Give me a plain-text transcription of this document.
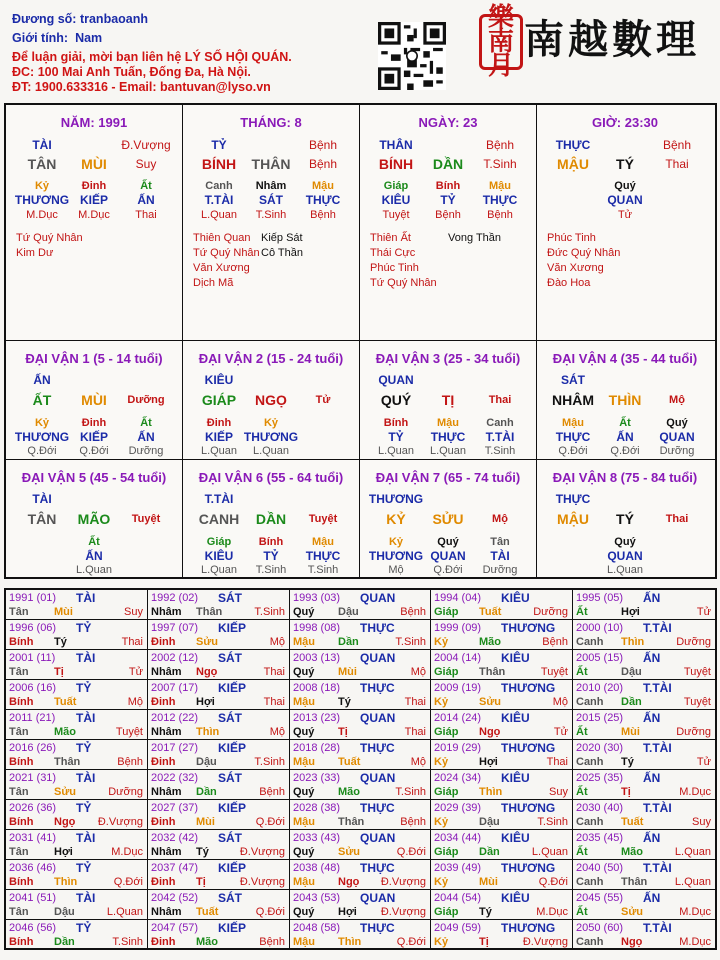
Đương số: tranbaoanh
Giới tính: Nam
Để luận giải, mời bạn liên hệ LÝ SỐ HỘI QUÁN.
ĐC: 100 Mai Anh Tuấn, Đống Đa, Hà Nội.
ĐT: 1900.633316 - Email: bantuvan@lyso.vn
樂 南 月
南越數理
NĂM: 1991
TÀI	Đ.Vượng
TÂN MÙI Suy
Kỷ	Đinh	Ất
THƯƠNG KIẾP ẤN
M.Dục M.Dục Thai
Tứ Quý Nhân
Kim Dư
THÁNG: 8
TỶ	Bệnh
BÍNH THÂN Bệnh
Canh Nhâm Mậu
T.TÀI SÁT THỰC
L.Quan T.Sinh Bệnh
Thiên Quan
Tứ Quý Nhân
Văn Xương
Dịch Mã
Kiếp Sát
Cô Thần
NGÀY: 23
THÂN	Bệnh
BÍNH DẦN T.Sinh
Giáp	Bính	Mậu
KIÊU TỶ THỰC
Tuyệt Bệnh Bệnh
Thiên Ất
Thái Cực
Phúc Tinh
Tứ Quý Nhân
Vong Thần
GIỜ: 23:30
THỰC	Bệnh
MẬU TÝ	Thai
Quý
QUAN
Tử
Phúc Tinh
Đức Quý Nhân
Văn Xương
Đào Hoa
ĐẠI VẬN 1 (5 - 14 tuổi)
ẤN
ẤT MÙI Dưỡng
Kỷ	Đinh	Ất
THƯƠNG KIẾP ẤN
Q.Đới Q.Đới Dưỡng
ĐẠI VẬN 2 (15 - 24 tuổi)
KIÊU
GIÁP NGỌ	Tử
Đinh	Kỷ
KIẾP THƯƠNG
L.Quan L.Quan
ĐẠI VẬN 3 (25 - 34 tuổi)
QUAN
QUÝ TỊ	Thai
Bính	Mậu Canh
TỶ THỰC T.TÀI
L.Quan L.Quan T.Sinh
ĐẠI VẬN 4 (35 - 44 tuổi)
SÁT
NHÂM THÌN	Mộ
Mậu	Ất	Quý
THỰC ẤN QUAN
Q.Đới Q.Đới Dưỡng
ĐẠI VẬN 5 (45 - 54 tuổi)
TÀI
TÂN MÃO Tuyệt
Ất
ẤN
L.Quan
ĐẠI VẬN 6 (55 - 64 tuổi)
T.TÀI
CANH DẦN Tuyệt
Giáp	Bính	Mậu
KIÊU TỶ THỰC
L.Quan T.Sinh T.Sinh
ĐẠI VẬN 7 (65 - 74 tuổi)
THƯƠNG
KỶ SỬU	Mộ
Kỷ	Quý	Tân
THƯƠNG QUAN TÀI
Mộ	Q.Đới Dưỡng
ĐẠI VẬN 8 (75 - 84 tuổi)
THỰC
MẬU TÝ	Thai
Quý
QUAN
L.Quan
1991 (01) TÀI
Tân Mùi	Suy
1992 (02) SÁT
Nhâm Thân	T.Sinh
1993 (03) QUAN
Quý Dậu	Bệnh
1994 (04) KIÊU
Giáp Tuất	Dưỡng
1995 (05) ẤN
Ất	Hợi	Tử
1996 (06) TỶ
Bính Tý	Thai
1997 (07) KIẾP
Đinh Sửu	Mộ
1998 (08) THỰC
Mậu Dần	T.Sinh
1999 (09) THƯƠNG
Kỷ	Mão	Bệnh
2000 (10) T.TÀI
Canh Thìn	Dưỡng
2001 (11) TÀI
Tân Tị	Tử
2002 (12) SÁT
Nhâm Ngọ	Thai
2003 (13) QUAN
Quý Mùi	Mộ
2004 (14) KIÊU
Giáp Thân	Tuyệt
2005 (15) ẤN
Ất	Dậu	Tuyệt
2006 (16) TỶ
Bính Tuất	Mộ
2007 (17) KIẾP
Đinh Hợi	Thai
2008 (18) THỰC
Mậu Tý	Thai
2009 (19) THƯƠNG
Kỷ	Sửu	Mộ
2010 (20) T.TÀI
Canh Dần	Tuyệt
2011 (21) TÀI
Tân Mão	Tuyệt
2012 (22) SÁT
Nhâm Thìn	Mộ
2013 (23) QUAN
Quý Tị	Thai
2014 (24) KIÊU
Giáp Ngọ	Tử
2015 (25) ẤN
Ất	Mùi	Dưỡng
2016 (26) TỶ
Bính Thân	Bệnh
2017 (27) KIẾP
Đinh Dậu	T.Sinh
2018 (28) THỰC
Mậu Tuất	Mộ
2019 (29) THƯƠNG
Kỷ	Hợi	Thai
2020 (30) T.TÀI
Canh Tý	Tử
2021 (31) TÀI
Tân Sửu	Dưỡng
2022 (32) SÁT
Nhâm Dần	Bệnh
2023 (33) QUAN
Quý Mão	T.Sinh
2024 (34) KIÊU
Giáp Thìn	Suy
2025 (35) ẤN
Ất	Tị	M.Dục
2026 (36) TỶ
Bính Ngọ Đ.Vượng
2027 (37) KIẾP
Đinh Mùi	Q.Đới
2028 (38) THỰC
Mậu Thân	Bệnh
2029 (39) THƯƠNG
Kỷ	Dậu	T.Sinh
2030 (40) T.TÀI
Canh Tuất	Suy
2031 (41) TÀI
Tân Hợi	M.Dục
2032 (42) SÁT
Nhâm Tý	Đ.Vượng
2033 (43) QUAN
Quý Sửu	Q.Đới
2034 (44) KIÊU
Giáp Dần	L.Quan
2035 (45) ẤN
Ất	Mão	L.Quan
2036 (46) TỶ
Bính Thìn	Q.Đới
2037 (47) KIẾP
Đinh Tị	Đ.Vượng
2038 (48) THỰC
Mậu Ngọ Đ.Vượng
2039 (49) THƯƠNG
Kỷ	Mùi	Q.Đới
2040 (50) T.TÀI
Canh Thân	L.Quan
2041 (51) TÀI
Tân Dậu	L.Quan
2042 (52) SÁT
Nhâm Tuất	Q.Đới
2043 (53) QUAN
Quý Hợi Đ.Vượng
2044 (54) KIÊU
Giáp Tý	M.Dục
2045 (55) ẤN
Ất	Sửu	M.Dục
2046 (56) TỶ
Bính Dần	T.Sinh
2047 (57) KIẾP
Đinh Mão	Bệnh
2048 (58) THỰC
Mậu Thìn	Q.Đới
2049 (59) THƯƠNG
Kỷ	Tị	Đ.Vượng
2050 (60) T.TÀI
Canh Ngọ	M.Dục
